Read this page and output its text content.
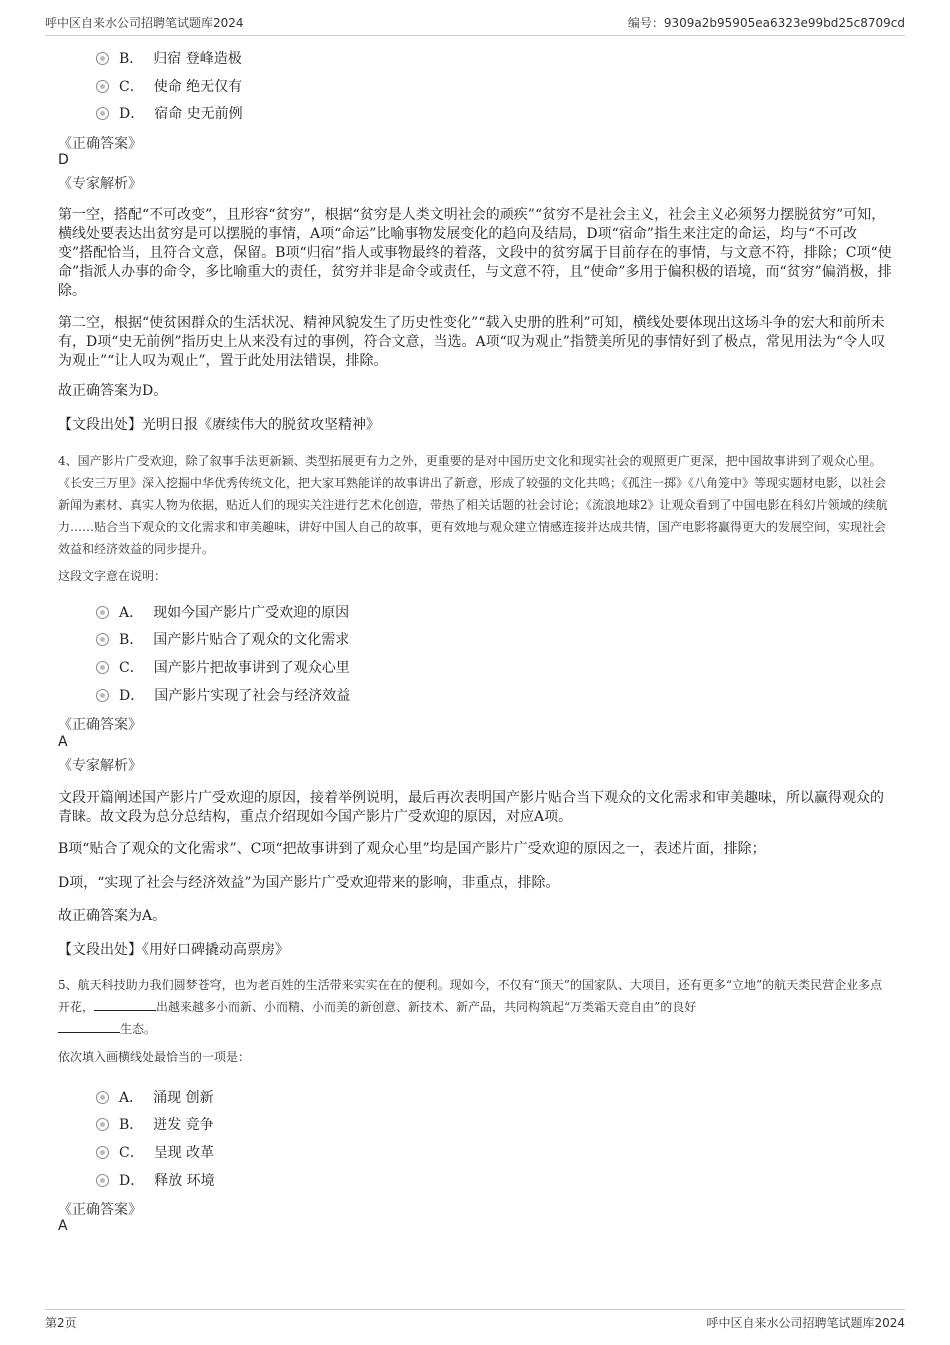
呼中区自来水公司招聘笔试题库2024	编号：9309a2b95905ea6323e99bd25c8709cd
B． 归宿 登峰造极
C． 使命 绝无仅有
D． 宿命 史无前例
《正确答案》
D
《专家解析》
第一空，搭配“不可改变”，且形容“贫穷”，根据“贫穷是人类文明社会的顽疾”“贫穷不是社会主义，社会主义必须努力摆脱贫穷”可知，横线处要表达出贫穷是可以摆脱的事情，A项“命运”比喻事物发展变化的趋向及结局，D项“宿命”指生来注定的命运，均与“不可改变”搭配恰当，且符合文意，保留。B项“归宿”指人或事物最终的着落，文段中的贫穷属于目前存在的事情，与文意不符，排除；C项“使命”指派人办事的命令，多比喻重大的责任，贫穷并非是命令或责任，与文意不符，且“使命”多用于偏积极的语境，而“贫穷”偏消极，排除。
第二空，根据“使贫困群众的生活状况、精神风貌发生了历史性变化”“载入史册的胜利”可知，横线处要体现出这场斗争的宏大和前所未有，D项“史无前例”指历史上从来没有过的事例，符合文意，当选。A项“叹为观止”指赞美所见的事情好到了极点，常见用法为“令人叹为观止”“让人叹为观止”，置于此处用法错误，排除。
故正确答案为D。
【文段出处】光明日报《赓续伟大的脱贫攻坚精神》
4、国产影片广受欢迎，除了叙事手法更新颖、类型拓展更有力之外，更重要的是对中国历史文化和现实社会的观照更广更深，把中国故事讲到了观众心里。《长安三万里》深入挖掘中华优秀传统文化，把大家耳熟能详的故事讲出了新意，形成了较强的文化共鸣；《孤注一掷》《八角笼中》等现实题材电影，以社会新闻为素材、真实人物为依据，贴近人们的现实关注进行艺术化创造，带热了相关话题的社会讨论；《流浪地球2》让观众看到了中国电影在科幻片领域的续航力……贴合当下观众的文化需求和审美趣味，讲好中国人自己的故事，更有效地与观众建立情感连接并达成共情，国产电影将赢得更大的发展空间，实现社会效益和经济效益的同步提升。
这段文字意在说明：
A． 现如今国产影片广受欢迎的原因
B． 国产影片贴合了观众的文化需求
C． 国产影片把故事讲到了观众心里
D． 国产影片实现了社会与经济效益
《正确答案》
A
《专家解析》
文段开篇阐述国产影片广受欢迎的原因，接着举例说明，最后再次表明国产影片贴合当下观众的文化需求和审美趣味，所以赢得观众的青睐。故文段为总分总结构，重点介绍现如今国产影片广受欢迎的原因，对应A项。
B项“贴合了观众的文化需求”、C项“把故事讲到了观众心里”均是国产影片广受欢迎的原因之一，表述片面，排除；
D项，“实现了社会与经济效益”为国产影片广受欢迎带来的影响，非重点，排除。
故正确答案为A。
【文段出处】《用好口碑撬动高票房》
5、航天科技助力我们圆梦苍穹，也为老百姓的生活带来实实在在的便利。现如今，不仅有“顶天”的国家队、大项目，还有更多“立地”的航天类民营企业多点开花，	出越来越多小而新、小而精、小而美的新创意、新技术、新产品，共同构筑起“万类霜天竞自由”的良好
生态。
依次填入画横线处最恰当的一项是：
A． 涌现 创新
B． 迸发 竞争
C． 呈现 改革
D． 释放 环境
《正确答案》
A
第2页	呼中区自来水公司招聘笔试题库2024
